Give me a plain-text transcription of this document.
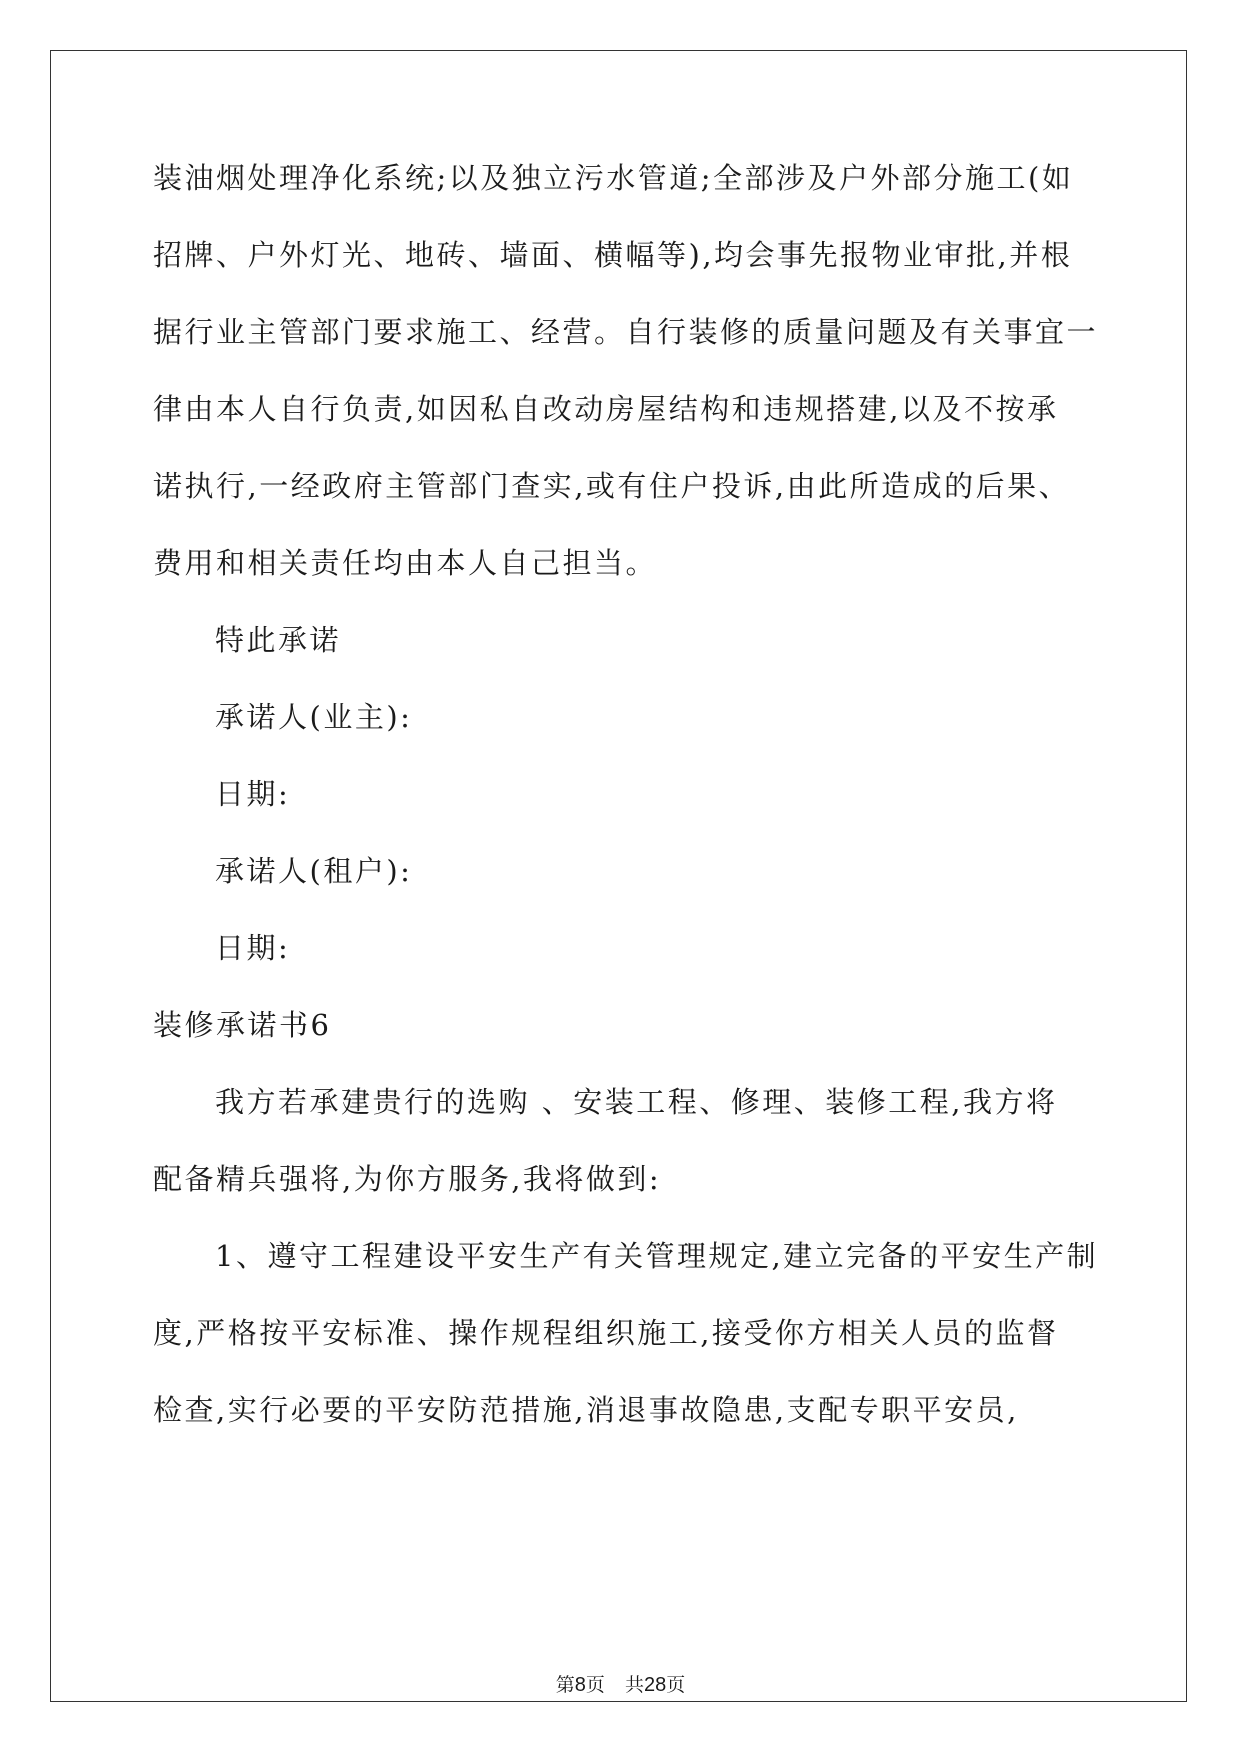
装油烟处理净化系统;以及独立污水管道;全部涉及户外部分施工(如
招牌、户外灯光、地砖、墙面、横幅等),均会事先报物业审批,并根
据行业主管部门要求施工、经营。自行装修的质量问题及有关事宜一
律由本人自行负责,如因私自改动房屋结构和违规搭建,以及不按承
诺执行,一经政府主管部门查实,或有住户投诉,由此所造成的后果、
费用和相关责任均由本人自己担当。
特此承诺
承诺人(业主):
日期:
承诺人(租户):
日期:
装修承诺书6
我方若承建贵行的选购 、安装工程、修理、装修工程,我方将
配备精兵强将,为你方服务,我将做到:
1、遵守工程建设平安生产有关管理规定,建立完备的平安生产制
度,严格按平安标准、操作规程组织施工,接受你方相关人员的监督
检查,实行必要的平安防范措施,消退事故隐患,支配专职平安员,
第8页 共28页
